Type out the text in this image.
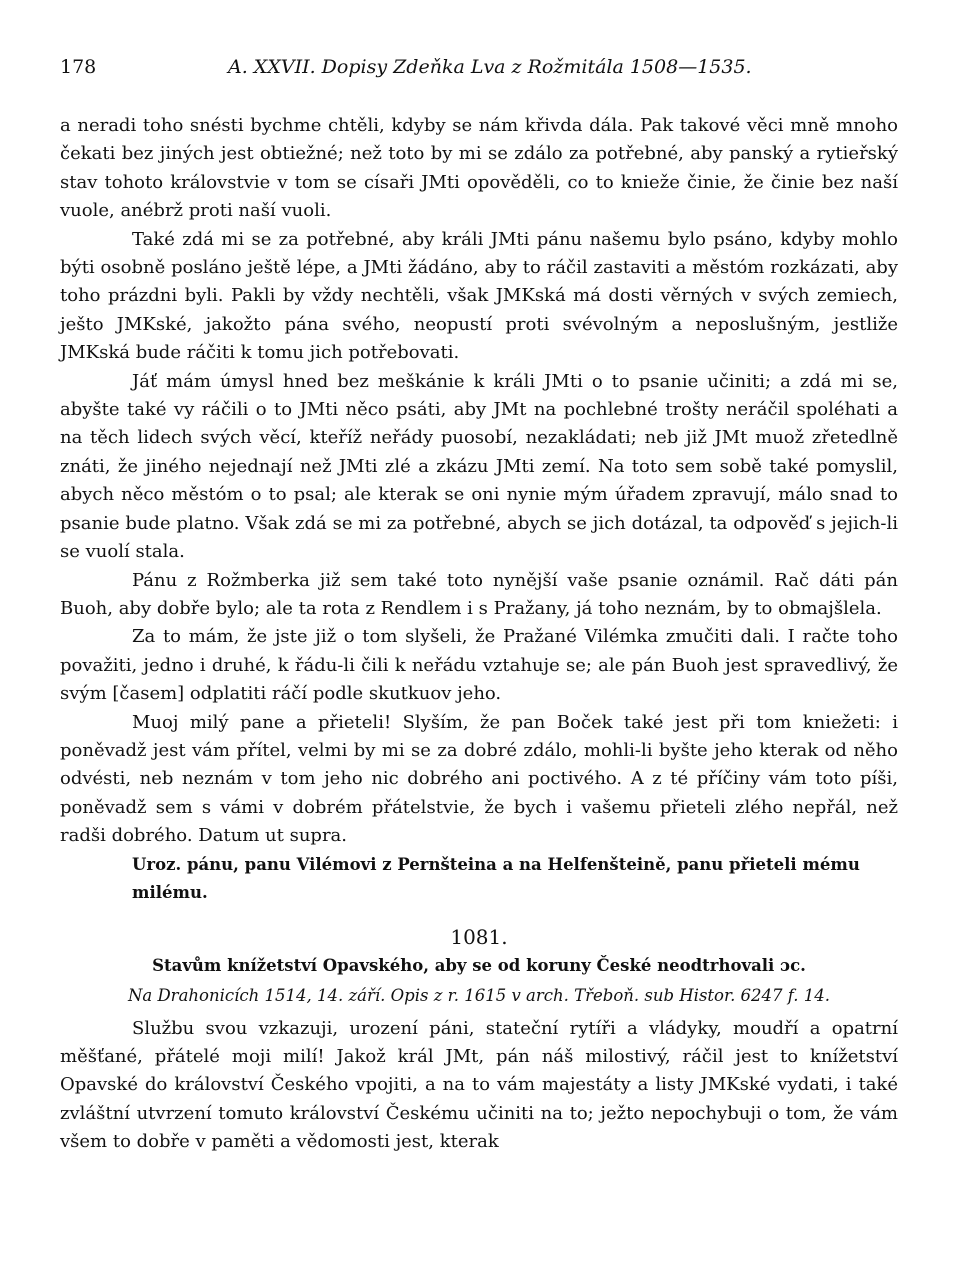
178	A. XXVII. Dopisy Zdeňka Lva z Rožmitála 1508—1535.

a neradi toho snésti bychme chtěli, kdyby se nám křivda dála. Pak takové věci mně mnoho čekati bez jiných jest obtiežné; než toto by mi se zdálo za potřebné, aby panský a rytieřský stav tohoto královstvie v tom se císaři JMti opověděli, co to knieže činie, že činie bez naší vuole, anébrž proti naší vuoli.

Také zdá mi se za potřebné, aby králi JMti pánu našemu bylo psáno, kdyby mohlo býti osobně posláno ještě lépe, a JMti žádáno, aby to ráčil zastaviti a městóm rozkázati, aby toho prázdni byli. Pakli by vždy nechtěli, však JMKská má dosti věrných v svých zemiech, ješto JMKské, jakožto pána svého, neopustí proti svévolným a neposlušným, jestliže JMKská bude ráčiti k tomu jich potřebovati.

Jáť mám úmysl hned bez meškánie k králi JMti o to psanie učiniti; a zdá mi se, abyšte také vy ráčili o to JMti něco psáti, aby JMt na pochlebné trošty neráčil spoléhati a na těch lidech svých věcí, kteříž neřády puosobí, nezakládati; neb již JMt muož zřetedlně znáti, že jiného nejednají než JMti zlé a zkázu JMti zemí. Na toto sem sobě také pomyslil, abych něco městóm o to psal; ale kterak se oni nynie mým úřadem zpravují, málo snad to psanie bude platno. Však zdá se mi za potřebné, abych se jich dotázal, ta odpověď s jejich-li se vuolí stala.

Pánu z Rožmberka již sem také toto nynější vaše psanie oznámil. Rač dáti pán Buoh, aby dobře bylo; ale ta rota z Rendlem i s Pražany, já toho neznám, by to obmajšlela.

Za to mám, že jste již o tom slyšeli, že Pražané Vilémka zmučiti dali. I račte toho považiti, jedno i druhé, k řádu-li čili k neřádu vztahuje se; ale pán Buoh jest spravedlivý, že svým [časem] odplatiti ráčí podle skutkuov jeho.

Muoj milý pane a přieteli! Slyším, že pan Boček také jest při tom kniežeti: i poněvadž jest vám přítel, velmi by mi se za dobré zdálo, mohli-li byšte jeho kterak od něho odvésti, neb neznám v tom jeho nic dobrého ani poctivého. A z té příčiny vám toto píši, poněvadž sem s vámi v dobrém přátelstvie, že bych i vašemu přieteli zlého nepřál, než radši dobrého. Datum ut supra.

Uroz. pánu, panu Vilémovi z Pernšteina a na Helfenšteině, panu přieteli mému milému.

1081.
Stavům knížetství Opavského, aby se od koruny České neodtrhovali ɔc.
Na Drahonicích 1514, 14. září. Opis z r. 1615 v arch. Třeboň. sub Histor. 6247 f. 14.

Službu svou vzkazuji, urození páni, stateční rytíři a vládyky, moudří a opatrní měšťané, přátelé moji milí! Jakož král JMt, pán náš milostivý, ráčil jest to knížetství Opavské do království Českého vpojiti, a na to vám majestáty a listy JMKské vydati, i také zvláštní utvrzení tomuto království Českému učiniti na to; ježto nepochybuji o tom, že vám všem to dobře v paměti a vědomosti jest, kterak
